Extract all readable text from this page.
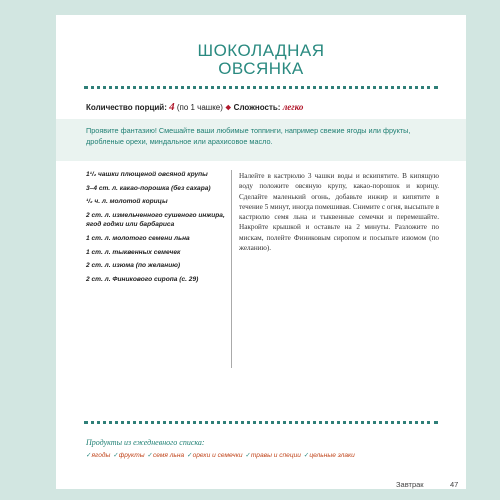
ШОКОЛАДНАЯ
ОВСЯНКА
Количество порций: 4 (по 1 чашке) ❖ Сложность: легко
Проявите фантазию! Смешайте ваши любимые топпинги, например свежие ягоды или фрукты, дробленые орехи, миндальное или арахисовое масло.
1¹/₂ чашки плющеной овсяной крупы
3–4 ст. л. какао-порошка (без сахара)
¹/₂ ч. л. молотой корицы
2 ст. л. измельченного сушеного инжира, ягод годжи или барбариса
1 ст. л. молотого семени льна
1 ст. л. тыквенных семечек
2 ст. л. изюма (по желанию)
2 ст. л. Финикового сиропа (с. 29)
Налейте в кастрюлю 3 чашки воды и вскипятите. В кипящую воду положите овсяную крупу, какао-порошок и корицу. Сделайте маленький огонь, добавьте инжир и кипятите в течение 5 минут, иногда помешивая. Снимите с огня, высыпьте в кастрюлю семя льна и тыквенные семечки и перемешайте. Накройте крышкой и оставьте на 2 минуты. Разложите по мискам, полейте Финиковым сиропом и посыпьте изюмом (по желанию).
Продукты из ежедневного списка:
✓ягоды ✓фрукты ✓семя льна ✓орехи и семечки ✓травы и специи ✓цельные злаки
Завтрак	47
